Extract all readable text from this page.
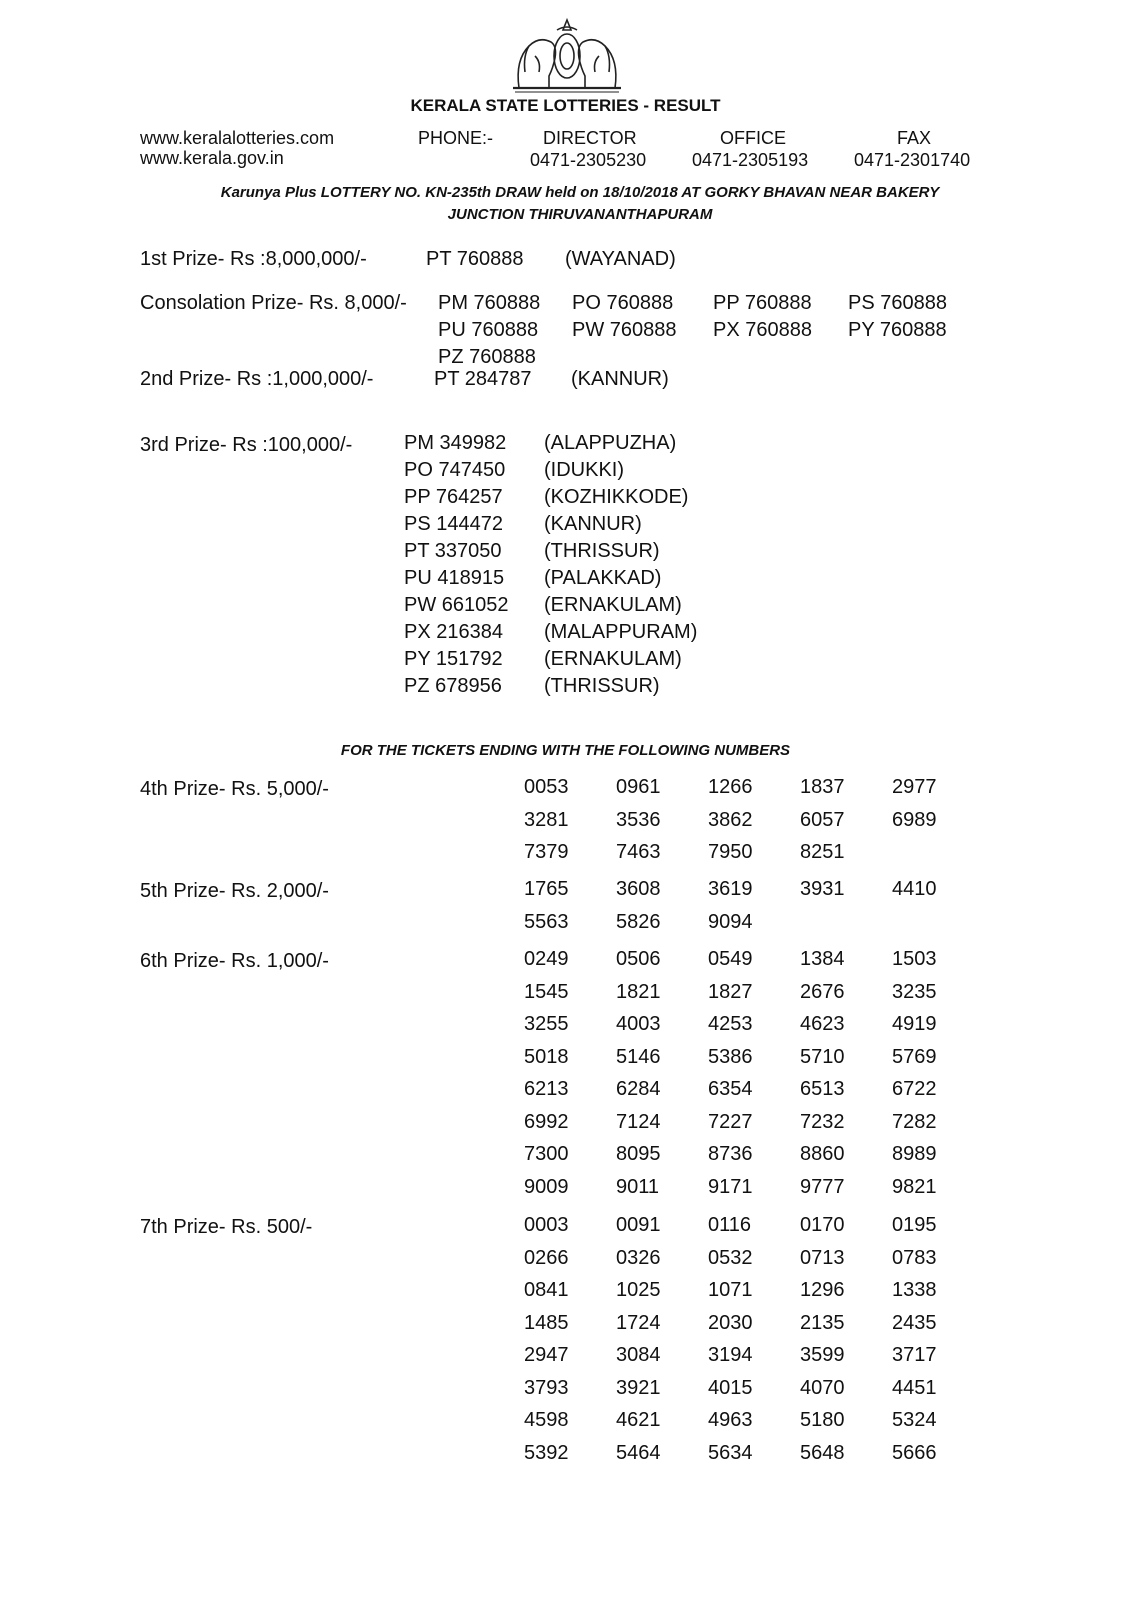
KERALA STATE LOTTERIES - RESULT
www.keralalotteries.com
www.kerala.gov.in
PHONE:-	DIRECTOR
0471-2305230
OFFICE
0471-2305193
FAX
0471-2301740
Karunya Plus LOTTERY NO. KN-235th DRAW held on 18/10/2018 AT GORKY BHAVAN NEAR BAKERY
JUNCTION THIRUVANANTHAPURAM
1st Prize- Rs :8,000,000/-	PT 760888 (WAYANAD)
Consolation Prize- Rs. 8,000/- PM 760888	PO 760888	PP 760888	PS 760888
PU 760888	PW 760888	PX 760888	PY 760888
PZ 760888
2nd Prize- Rs :1,000,000/-	PT 284787 (KANNUR)
3rd Prize- Rs :100,000/-	PM 349982	(ALAPPUZHA)
PO 747450	(IDUKKI)
PP 764257	(KOZHIKKODE)
PS 144472	(KANNUR)
PT 337050	(THRISSUR)
PU 418915	(PALAKKAD)
PW 661052	(ERNAKULAM)
PX 216384	(MALAPPURAM)
PY 151792	(ERNAKULAM)
PZ 678956	(THRISSUR)
FOR THE TICKETS ENDING WITH THE FOLLOWING NUMBERS
4th Prize- Rs. 5,000/-	0053	0961	1266	1837	2977
3281	3536	3862	6057	6989
7379	7463	7950	8251
5th Prize- Rs. 2,000/-	1765	3608	3619	3931	4410
5563	5826	9094
6th Prize- Rs. 1,000/-	0249	0506	0549	1384	1503
1545	1821	1827	2676	3235
3255	4003	4253	4623	4919
5018	5146	5386	5710	5769
6213	6284	6354	6513	6722
6992	7124	7227	7232	7282
7300	8095	8736	8860	8989
9009	9011	9171	9777	9821
7th Prize- Rs. 500/-	0003	0091	0116	0170	0195
0266	0326	0532	0713	0783
0841	1025	1071	1296	1338
1485	1724	2030	2135	2435
2947	3084	3194	3599	3717
3793	3921	4015	4070	4451
4598	4621	4963	5180	5324
5392	5464	5634	5648	5666
